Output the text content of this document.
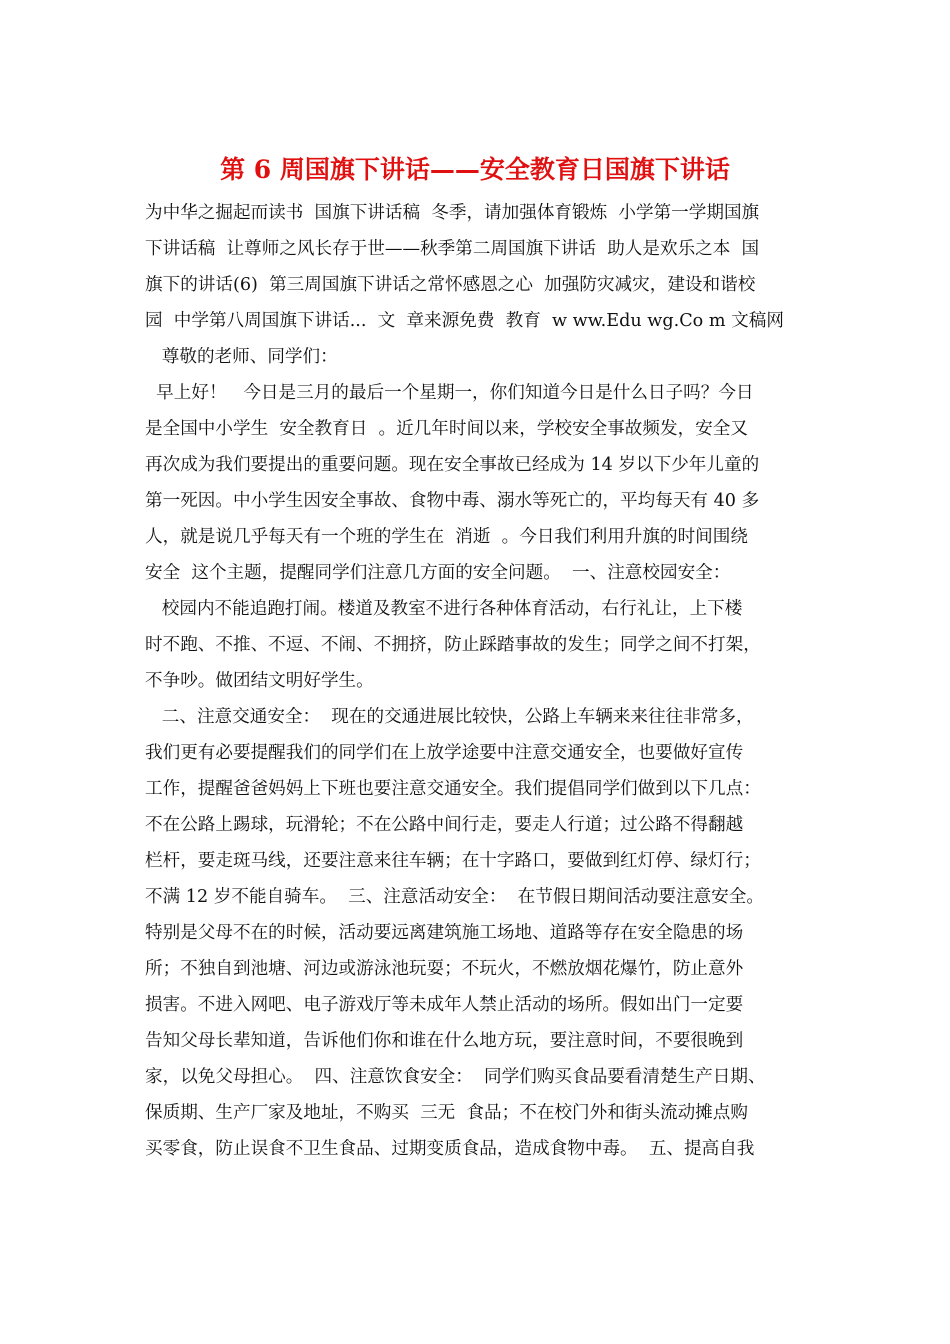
第 6 周国旗下讲话——安全教育日国旗下讲话
为中华之掘起而读书  国旗下讲话稿  冬季，请加强体育锻炼  小学第一学期国旗
下讲话稿  让尊师之风长存于世——秋季第二周国旗下讲话  助人是欢乐之本  国
旗下的讲话(6)  第三周国旗下讲话之常怀感恩之心  加强防灾减灾，建设和谐校
园  中学第八周国旗下讲话...  文  章来源免费  教育  w ww.Edu wg.Co m 文稿网
尊敬的老师、同学们：
早上好！   今日是三月的最后一个星期一，你们知道今日是什么日子吗？今日
是全国中小学生  安全教育日  。近几年时间以来，学校安全事故频发，安全又
再次成为我们要提出的重要问题。现在安全事故已经成为 14 岁以下少年儿童的
第一死因。中小学生因安全事故、食物中毒、溺水等死亡的，平均每天有 40 多
人，就是说几乎每天有一个班的学生在  消逝  。今日我们利用升旗的时间围绕
安全  这个主题，提醒同学们注意几方面的安全问题。  一、注意校园安全：
校园内不能追跑打闹。楼道及教室不进行各种体育活动，右行礼让，上下楼
时不跑、不推、不逗、不闹、不拥挤，防止踩踏事故的发生；同学之间不打架，
不争吵。做团结文明好学生。
二、注意交通安全：  现在的交通进展比较快，公路上车辆来来往往非常多，
我们更有必要提醒我们的同学们在上放学途要中注意交通安全，也要做好宣传
工作，提醒爸爸妈妈上下班也要注意交通安全。我们提倡同学们做到以下几点：
不在公路上踢球，玩滑轮；不在公路中间行走，要走人行道；过公路不得翻越
栏杆，要走斑马线，还要注意来往车辆；在十字路口，要做到红灯停、绿灯行；
不满 12 岁不能自骑车。  三、注意活动安全：  在节假日期间活动要注意安全。
特别是父母不在的时候，活动要远离建筑施工场地、道路等存在安全隐患的场
所；不独自到池塘、河边或游泳池玩耍；不玩火，不燃放烟花爆竹，防止意外
损害。不进入网吧、电子游戏厅等未成年人禁止活动的场所。假如出门一定要
告知父母长辈知道，告诉他们你和谁在什么地方玩，要注意时间，不要很晚到
家，以免父母担心。  四、注意饮食安全：  同学们购买食品要看清楚生产日期、
保质期、生产厂家及地址，不购买  三无  食品；不在校门外和街头流动摊点购
买零食，防止误食不卫生食品、过期变质食品，造成食物中毒。  五、提高自我
